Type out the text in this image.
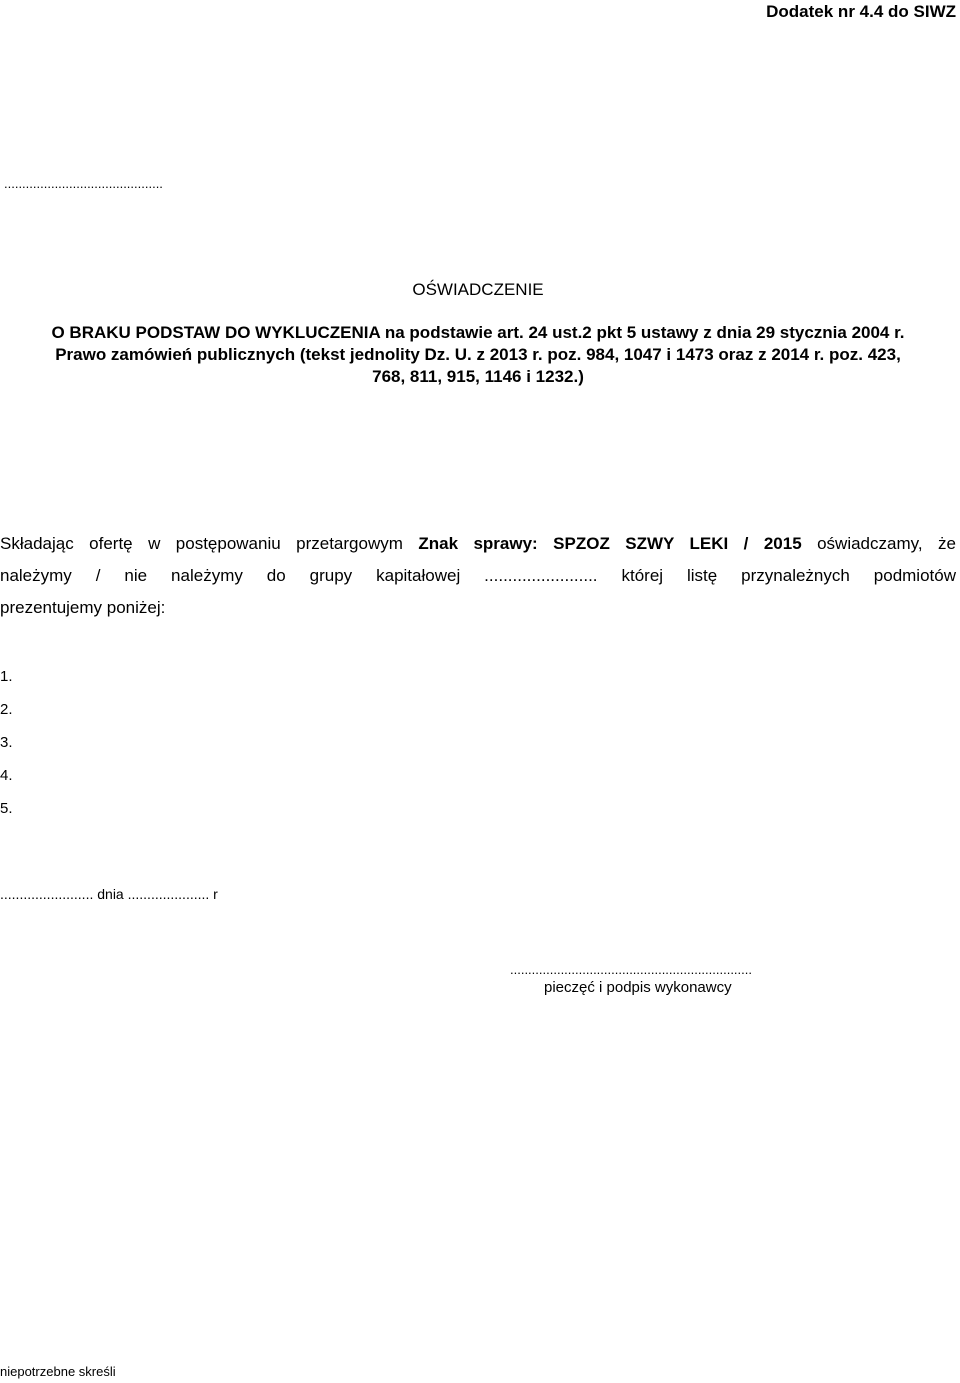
Dodatek nr 4.4 do SIWZ
............................................
OŚWIADCZENIE
O BRAKU PODSTAW DO WYKLUCZENIA na podstawie art. 24 ust.2 pkt 5 ustawy z dnia 29 stycznia 2004 r.
Prawo zamówień publicznych (tekst jednolity Dz. U. z 2013 r. poz. 984, 1047 i 1473 oraz z 2014 r. poz. 423,
768, 811, 915, 1146 i 1232.)
Składając ofertę w postępowaniu przetargowym Znak sprawy: SPZOZ SZWY LEKI / 2015 oświadczamy, że
należymy / nie należymy do grupy kapitałowej ........................ której listę przynależnych podmiotów
prezentujemy poniżej:
1.
2.
3.
4.
5.
........................ dnia ..................... r
...................................................................
pieczęć i podpis wykonawcy
niepotrzebne skreśli
